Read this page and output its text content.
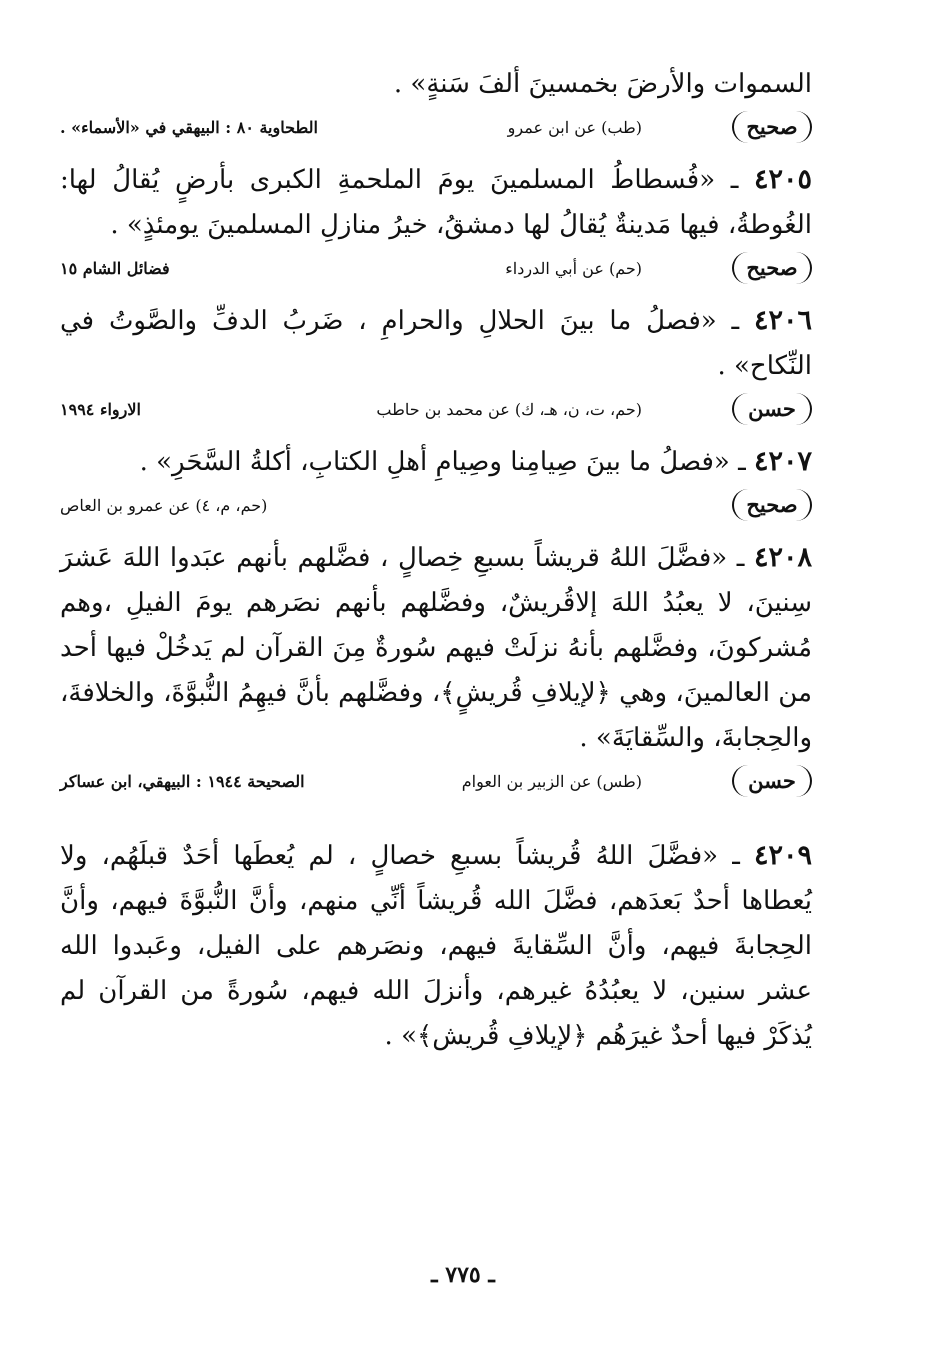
السموات والأرضَ بخمسينَ ألفَ سَنةٍ» .

صحيح
(طب) عن ابن عمرو
الطحاوية ٨٠ : البيهقي في «الأسماء» .

٤٢٠٥ ـ «فُسطاطُ المسلمينَ يومَ الملحمةِ الكبرى بأرضٍ يُقالُ لها: الغُوطةُ، فيها مَدينةٌ يُقالُ لها دمشقُ، خيرُ منازلِ المسلمينَ يومئذٍ» .

صحيح
(حم) عن أبي الدرداء
فضائل الشام ١٥

٤٢٠٦ ـ «فصلُ ما بينَ الحلالِ والحرامِ ، ضَربُ الدفِّ والصَّوتُ في النِّكاح» .

حسن
(حم، ت، ن، هـ، ك) عن محمد بن حاطب
الارواء ١٩٩٤

٤٢٠٧ ـ «فصلُ ما بينَ صِيامِنا وصِيامِ أهلِ الكتابِ، أكلةُ السَّحَرِ» .

صحيح
(حم، م، ٤) عن عمرو بن العاص

٤٢٠٨ ـ «فضَّلَ اللهُ قريشاً بسبعِ خِصالٍ ، فضَّلهم بأنهم عبَدوا اللهَ عَشرَ سِنينَ، لا يعبُدُ اللهَ إلاقُريشٌ، وفضَّلهم بأنهم نصَرهم يومَ الفيلِ ،وهم مُشركونَ، وفضَّلهم بأنهُ نزلَتْ فيهم سُورةٌ مِنَ القرآن لم يَدخُلْ فيها أحد من العالمينَ، وهي ﴿لإيلافِ قُريشٍ﴾، وفضَّلهم بأنَّ فيهِمُ النُّبوَّةَ، والخلافةَ، والحِجابةَ، والسِّقايَةَ» .

حسن
(طس) عن الزبير بن العوام
الصحيحة ١٩٤٤ : البيهقي، ابن عساكر

٤٢٠٩ ـ «فضَّلَ اللهُ قُريشاً بسبعِ خصالٍ ، لم يُعطَها أحَدٌ قبلَهُم، ولا يُعطاها أحدٌ بَعدَهم، فضَّلَ الله قُريشاً أنِّي منهم، وأنَّ النُّبوَّةَ فيهم، وأنَّ الحِجابةَ فيهم، وأنَّ السِّقايةَ فيهم، ونصَرهم على الفيل، وعَبدوا الله عشر سنين، لا يعبُدُهُ غيرهم، وأنزلَ الله فيهم، سُورةً من القرآن لم يُذكَرْ فيها أحدٌ غيرَهُم ﴿لإيلافِ قُريش﴾» .

ـ ٧٧٥ ـ
